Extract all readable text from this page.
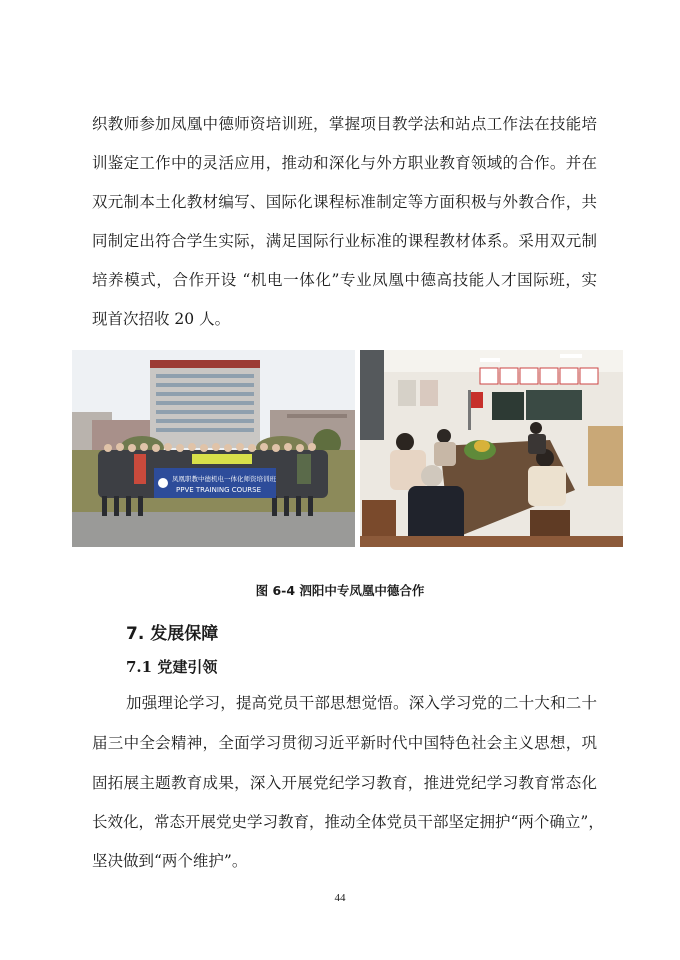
织教师参加凤凰中德师资培训班，掌握项目教学法和站点工作法在技能培

训鉴定工作中的灵活应用，推动和深化与外方职业教育领域的合作。并在

双元制本土化教材编写、国际化课程标准制定等方面积极与外教合作，共

同制定出符合学生实际，满足国际行业标准的课程教材体系。采用双元制

培养模式，合作开设 “机电一体化”专业凤凰中德高技能人才国际班，实

现首次招收 20 人。

凤凰职教中德机电一体化师资培训班
PPVE TRAINING COURSE

图 6-4 泗阳中专凤凰中德合作

7. 发展保障
7.1 党建引领

加强理论学习，提高党员干部思想觉悟。深入学习党的二十大和二十

届三中全会精神，全面学习贯彻习近平新时代中国特色社会主义思想，巩

固拓展主题教育成果，深入开展党纪学习教育，推进党纪学习教育常态化

长效化，常态开展党史学习教育，推动全体党员干部坚定拥护“两个确立”，

坚决做到“两个维护”。

44
